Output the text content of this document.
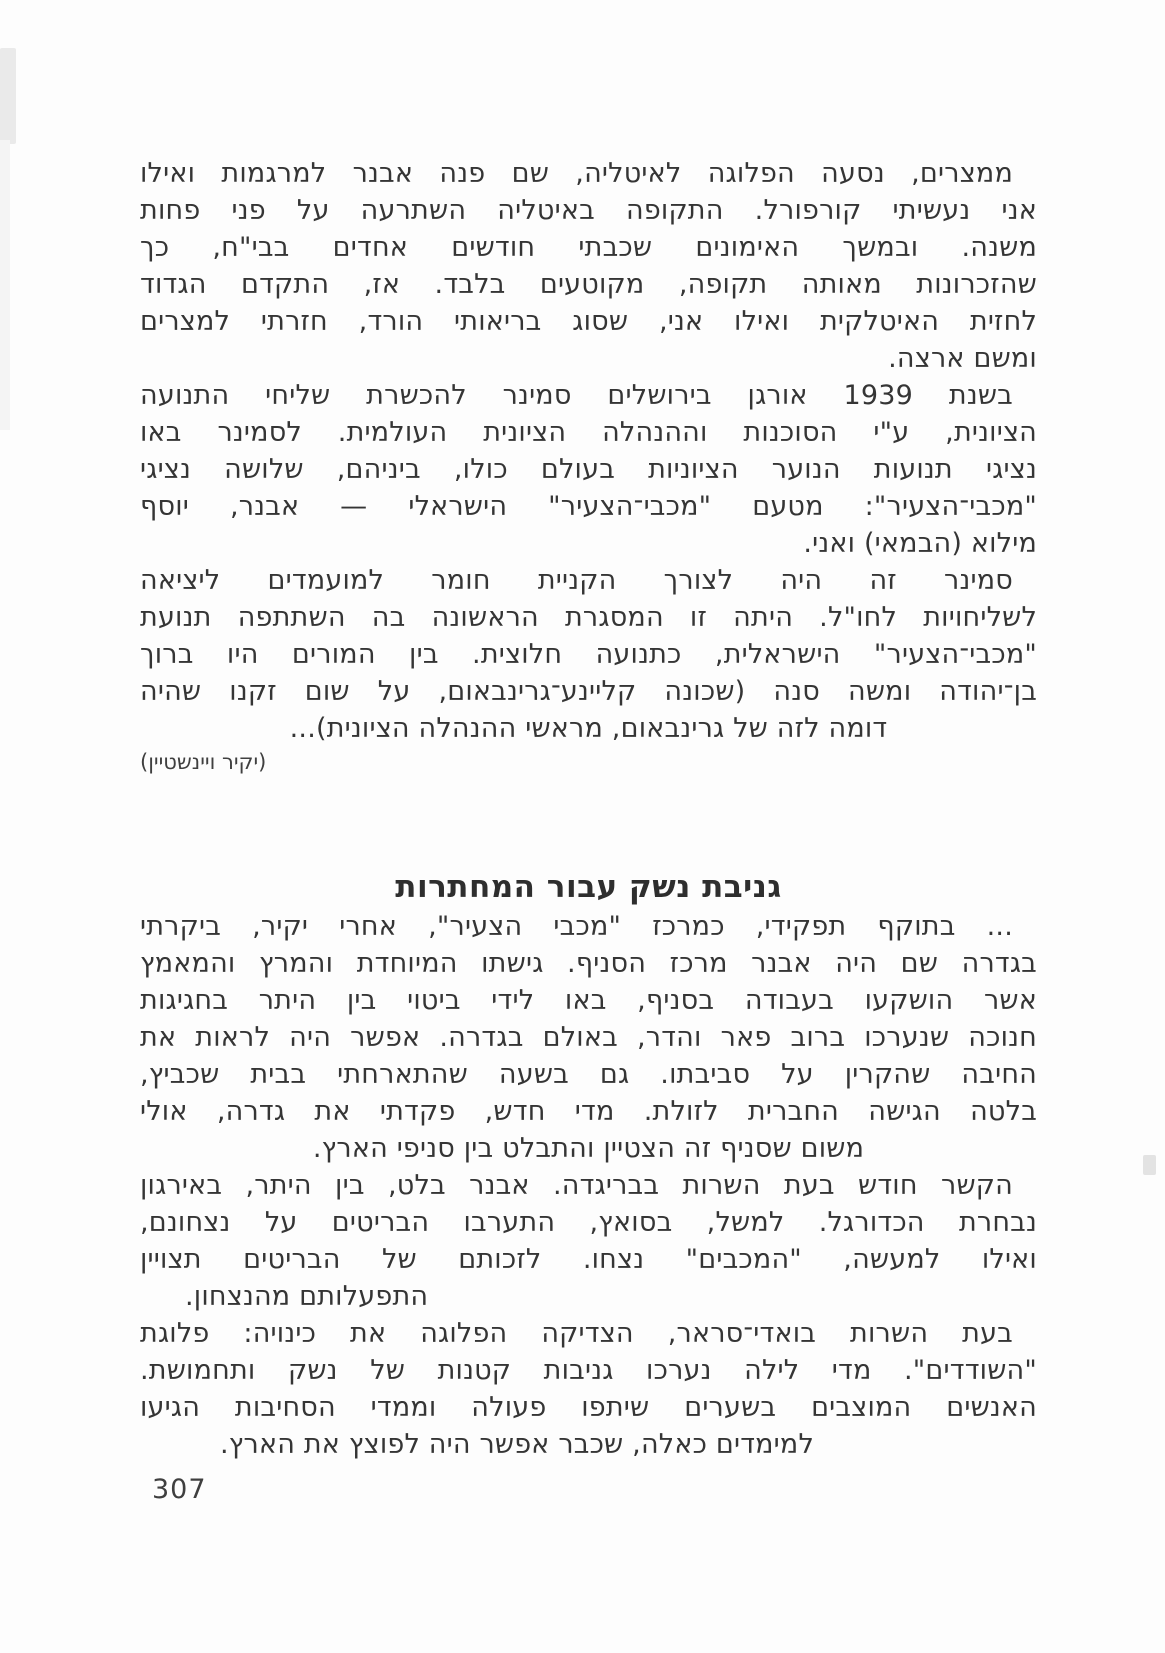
ממצרים, נסעה הפלוגה לאיטליה, שם פנה אבנר למרגמות ואילו
אני נעשיתי קורפורל. התקופה באיטליה השתרעה על פני פחות
משנה. ובמשך האימונים שכבתי חודשים אחדים בבי"ח, כך
שהזכרונות מאותה תקופה, מקוטעים בלבד. אז, התקדם הגדוד
לחזית האיטלקית ואילו אני, שסוג בריאותי הורד, חזרתי למצרים
ומשם ארצה.
בשנת 1939 אורגן בירושלים סמינר להכשרת שליחי התנועה
הציונית, ע"י הסוכנות וההנהלה הציונית העולמית. לסמינר באו
נציגי תנועות הנוער הציוניות בעולם כולו, ביניהם, שלושה נציגי
"מכבי־הצעיר": מטעם "מכבי־הצעיר" הישראלי — אבנר, יוסף
מילוא (הבמאי) ואני.
סמינר זה היה לצורך הקניית חומר למועמדים ליציאה
לשליחויות לחו"ל. היתה זו המסגרת הראשונה בה השתתפה תנועת
"מכבי־הצעיר" הישראלית, כתנועה חלוצית. בין המורים היו ברוך
בן־יהודה ומשה סנה (שכונה קליינע־גרינבאום, על שום זקנו שהיה
דומה לזה של גרינבאום, מראשי ההנהלה הציונית)...
(יקיר ויינשטיין)
גניבת נשק עבור המחתרות
... בתוקף תפקידי, כמרכז "מכבי הצעיר", אחרי יקיר, ביקרתי
בגדרה שם היה אבנר מרכז הסניף. גישתו המיוחדת והמרץ והמאמץ
אשר הושקעו בעבודה בסניף, באו לידי ביטוי בין היתר בחגיגות
חנוכה שנערכו ברוב פאר והדר, באולם בגדרה. אפשר היה לראות את
החיבה שהקרין על סביבתו. גם בשעה שהתארחתי בבית שכביץ,
בלטה הגישה החברית לזולת. מדי חדש, פקדתי את גדרה, אולי
משום שסניף זה הצטיין והתבלט בין סניפי הארץ.
הקשר חודש בעת השרות בבריגדה. אבנר בלט, בין היתר, באירגון
נבחרת הכדורגל. למשל, בסואץ, התערבו הבריטים על נצחונם,
ואילו למעשה, "המכבים" נצחו. לזכותם של הבריטים תצויין
התפעלותם מהנצחון.
בעת השרות בואדי־סראר, הצדיקה הפלוגה את כינויה: פלוגת
"השודדים". מדי לילה נערכו גניבות קטנות של נשק ותחמושת.
האנשים המוצבים בשערים שיתפו פעולה וממדי הסחיבות הגיעו
למימדים כאלה, שכבר אפשר היה לפוצץ את הארץ.
307
